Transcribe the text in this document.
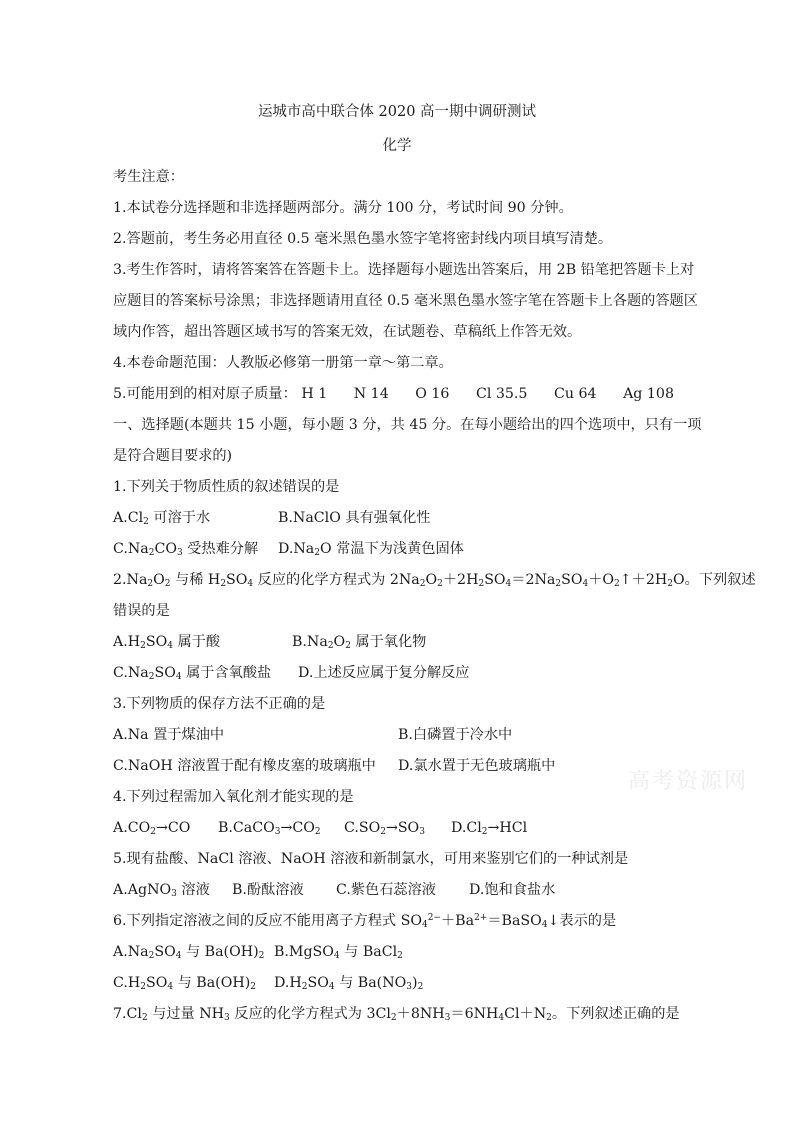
运城市高中联合体 2020 高一期中调研测试
化学
考生注意：
1.本试卷分选择题和非选择题两部分。满分 100 分，考试时间 90 分钟。
2.答题前，考生务必用直径 0.5 毫米黑色墨水签字笔将密封线内项目填写清楚。
3.考生作答时，请将答案答在答题卡上。选择题每小题选出答案后，用 2B 铅笔把答题卡上对
应题目的答案标号涂黑；非选择题请用直径 0.5 毫米黑色墨水签字笔在答题卡上各题的答题区
域内作答，超出答题区域书写的答案无效，在试题卷、草稿纸上作答无效。
4.本卷命题范围：人教版必修第一册第一章～第二章。
5.可能用到的相对原子质量： H 1 N 14 O 16 Cl 35.5 Cu 64 Ag 108
一、选择题(本题共 15 小题，每小题 3 分，共 45 分。在每小题给出的四个选项中，只有一项
是符合题目要求的)
1.下列关于物质性质的叙述错误的是
$A.Cl_2$ 可溶于水	B.NaClO 具有强氧化性
$C.Na_2CO_3$ 受热难分解 $D.Na_2O$ 常温下为浅黄色固体
$2.Na_2O_2$ 与稀 $H_2SO_4$ 反应的化学方程式为 $2Na_2O_2+2H_2SO_4=2Na_2SO_4+O_2↑+2H_2O$。下列叙述
错误的是
$A.H_2SO_4$ 属于酸	$B.Na_2O_2$ 属于氧化物
$C.Na_2SO_4$ 属于含氧酸盐 D.上述反应属于复分解反应
3.下列物质的保存方法不正确的是
A.Na 置于煤油中	B.白磷置于冷水中
C.NaOH 溶液置于配有橡皮塞的玻璃瓶中 D.氯水置于无色玻璃瓶中
4.下列过程需加入氧化剂才能实现的是
$A.CO_2\to CO$ $B.CaCO_3\to CO_2$ $C.SO_2\to SO_3$ $D.Cl_2\to HCl$
5.现有盐酸、NaCl 溶液、NaOH 溶液和新制氯水，可用来鉴别它们的一种试剂是
A.AgNO$_3$ 溶液 B.酚酞溶液 C.紫色石蕊溶液 D.饱和食盐水
6.下列指定溶液之间的反应不能用离子方程式 $SO_4^{2-}+Ba^{2+}=BaSO_4↓$表示的是
$A.Na_2SO_4$ 与 $Ba(OH)_2$ B.MgSO$_4$ 与 BaCl$_2$
$C.H_2SO_4$ 与 $Ba(OH)_2$ $D.H_2SO_4$ 与 $Ba(NO_3)_2$
$7.Cl_2$ 与过量 $NH_3$ 反应的化学方程式为 $3Cl_2+8NH_3=6NH_4Cl+N_2$。下列叙述正确的是
高考资源网
